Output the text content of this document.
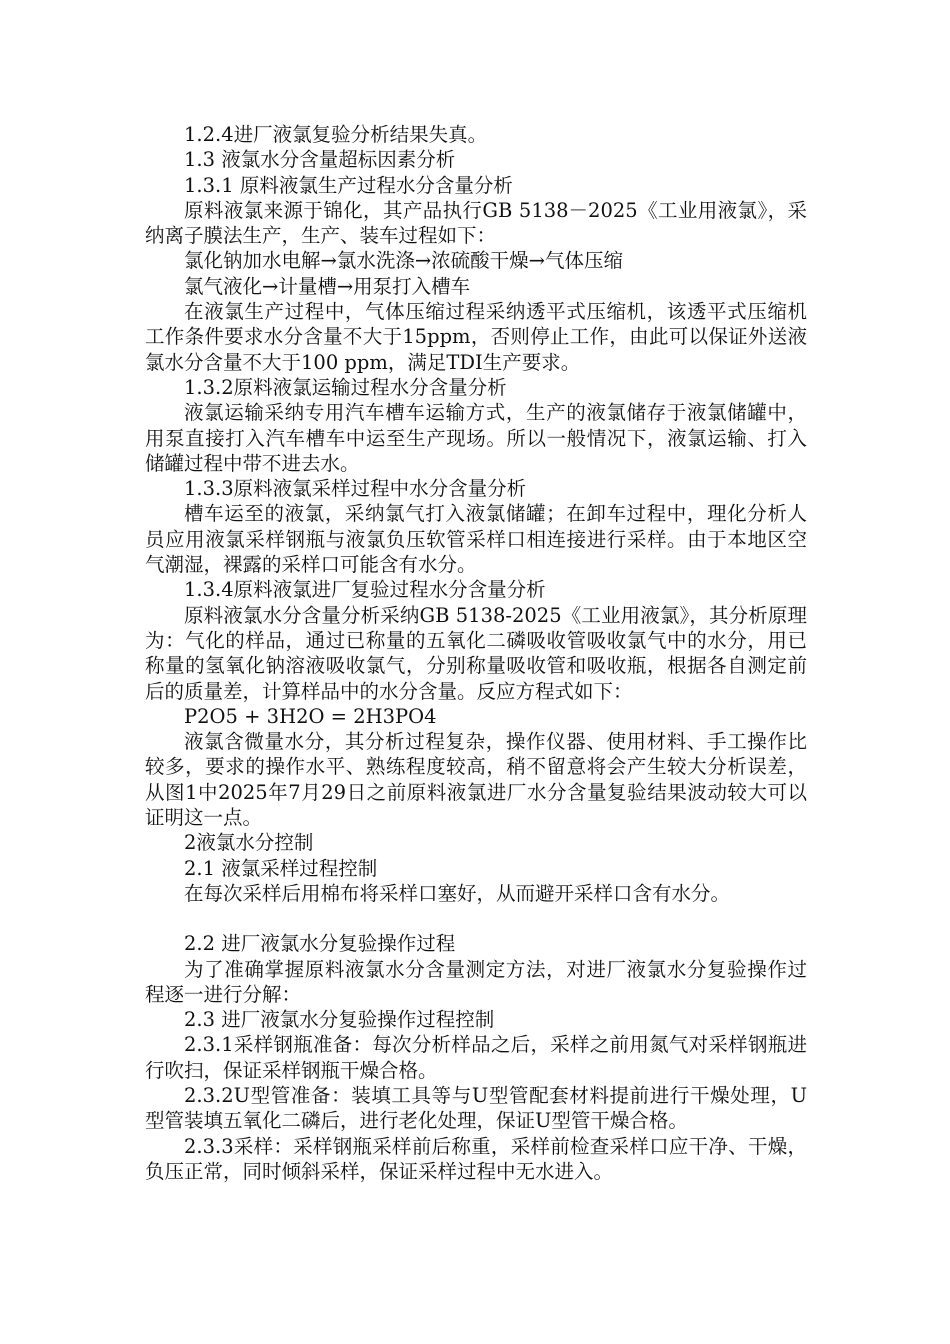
1.2.4进厂液氯复验分析结果失真。

1.3 液氯水分含量超标因素分析

1.3.1 原料液氯生产过程水分含量分析

原料液氯来源于锦化，其产品执行GB 5138－2025《工业用液氯》，采纳离子膜法生产，生产、装车过程如下：

氯化钠加水电解→氯水洗涤→浓硫酸干燥→气体压缩

氯气液化→计量槽→用泵打入槽车

在液氯生产过程中，气体压缩过程采纳透平式压缩机，该透平式压缩机工作条件要求水分含量不大于15ppm，否则停止工作，由此可以保证外送液氯水分含量不大于100 ppm，满足TDI生产要求。

1.3.2原料液氯运输过程水分含量分析

液氯运输采纳专用汽车槽车运输方式，生产的液氯储存于液氯储罐中，用泵直接打入汽车槽车中运至生产现场。所以一般情况下，液氯运输、打入储罐过程中带不进去水。

1.3.3原料液氯采样过程中水分含量分析

槽车运至的液氯，采纳氯气打入液氯储罐；在卸车过程中，理化分析人员应用液氯采样钢瓶与液氯负压软管采样口相连接进行采样。由于本地区空气潮湿，裸露的采样口可能含有水分。

1.3.4原料液氯进厂复验过程水分含量分析

原料液氯水分含量分析采纳GB 5138-2025《工业用液氯》，其分析原理为：气化的样品，通过已称量的五氧化二磷吸收管吸收氯气中的水分，用已称量的氢氧化钠溶液吸收氯气，分别称量吸收管和吸收瓶，根据各自测定前后的质量差，计算样品中的水分含量。反应方程式如下：

P2O5 + 3H2O = 2H3PO4

液氯含微量水分，其分析过程复杂，操作仪器、使用材料、手工操作比较多，要求的操作水平、熟练程度较高，稍不留意将会产生较大分析误差，从图1中2025年7月29日之前原料液氯进厂水分含量复验结果波动较大可以证明这一点。

2液氯水分控制

2.1 液氯采样过程控制

在每次采样后用棉布将采样口塞好，从而避开采样口含有水分。

2.2 进厂液氯水分复验操作过程

为了准确掌握原料液氯水分含量测定方法，对进厂液氯水分复验操作过程逐一进行分解：

2.3 进厂液氯水分复验操作过程控制

2.3.1采样钢瓶准备：每次分析样品之后，采样之前用氮气对采样钢瓶进行吹扫，保证采样钢瓶干燥合格。

2.3.2U型管准备：装填工具等与U型管配套材料提前进行干燥处理，U型管装填五氧化二磷后，进行老化处理，保证U型管干燥合格。

2.3.3采样：采样钢瓶采样前后称重，采样前检查采样口应干净、干燥，负压正常，同时倾斜采样，保证采样过程中无水进入。
